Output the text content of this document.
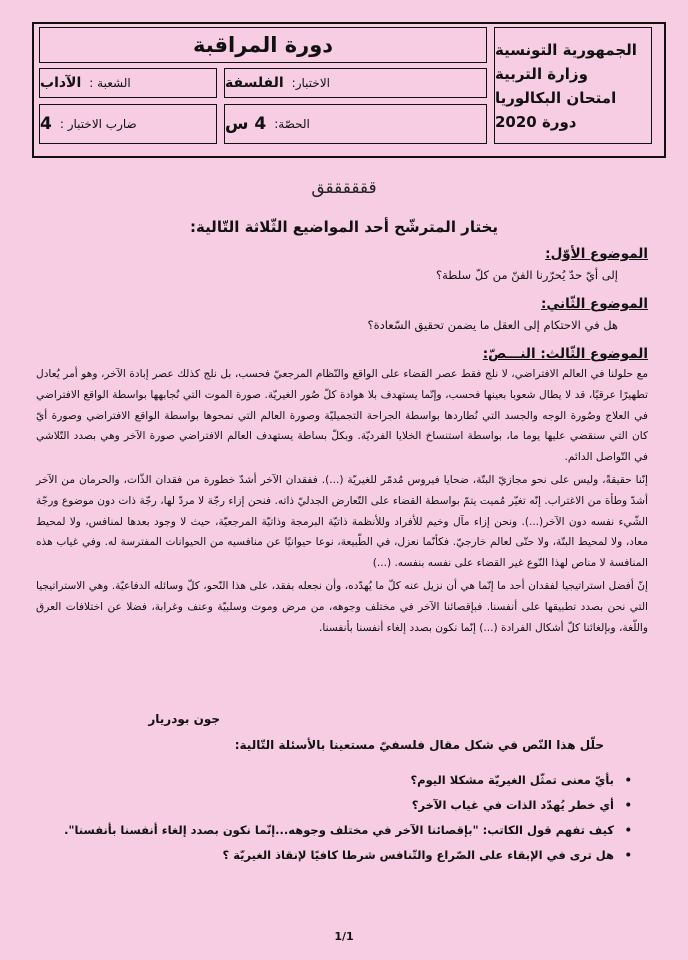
دورة المراقبة
الشعبة :
الآداب	الاختبار:
الفلسفة
ضارب الاختبار :
4	الحصّة:
4 س
الجمهورية التونسية
وزارة التربية
امتحان البكالوريا
دورة 2020
ققققققق
يختار المترشّح أحد المواضيع الثّلاثة التّالية:
الموضوع الأوّل:
إلى أيّ حدّ يُحرّرنا الفنّ من كلّ سلطة؟
الموضوع الثّاني:
هل في الاحتكام إلى العقل ما يضمن تحقيق السّعادة؟
الموضوع الثّالث: النـــصّ:
مع حلولنا في العالم الافتراضي، لا نلج فقط عصر القضاء على الواقع والنّظام المرجعيّ فحسب، بل نلج كذلك عصر إبادة الآخر، وهو أمر يُعادل تطهيرًا عرقيًا، قد لا يطال شعوبا بعينها فحسب، وإنّما يستهدف بلا هوادة كلّ صُور الغيريّة. صورة الموت التي نُجابهها بواسطة الواقع الافتراضي في العلاج وصُورة الوجه والجسد التي نُطاردها بواسطة الجراحة التجميليّة وصورة العالم التي نمحوها بواسطة الواقع الافتراضي وصورة أيّ كان التي سنقضي عليها يوما ما، بواسطة استنساخ الخلايا الفرديّة. وبكلّ بساطة يستهدف العالم الافتراضي صورة الآخر وهي بصدد التّلاشي في التّواصل الدائم.
إنّنا حقيقةً، وليس على نحو مجازيّ البتّة، ضحايا فيروس مُدمّر للغيريّة (...). ففقدان الآخر أشدّ خطورة من فقدان الذّات، والحرمان من الآخر أشدّ وطأة من الاغتراب. إنّه تغيّر مُميت يتمّ بواسطة القضاء على التّعارض الجدليّ ذاته. فنحن إزاء رجّة لا مردّ لها، رجّة ذات دون موضوع ورجّة الشّيء نفسه دون الآخر(...). ونحن إزاء مآل وخيم للأفراد وللأنظمة ذاتيّة البرمجة وذاتيّة المرجعيّة، حيث لا وجود بعدها لمنافس، ولا لمحيط معاد، ولا لمحيط البتّة، ولا حتّى لعالم خارجيّ. فكأنّما نعزل، في الطّبيعة، نوعا حيوانيًا عن منافسيه من الحيوانات المفترسة له. وفي غياب هذه المنافسة لا مناص لهذا النّوع غير القضاء على نفسه بنفسه. (...)
إنّ أفضل استراتيجيا لفقدان أحد ما إنّما هي أن نزيل عنه كلّ ما يُهدّده، وأن نجعله بفقد، على هذا النّحو، كلّ وسائله الدفاعيّة. وهي الاستراتيجيا التي نحن بصدد تطبيقها على أنفسنا. فبإقصائنا الآخر في مختلف وجوهه، من مرض وموت وسلبيّة وعنف وغرابة، فضلا عن اختلافات العرق واللّغة، وبإلغائنا كلّ أشكال الفرادة (...) إنّما نكون بصدد إلغاء أنفسنا بأنفسنا.
جون بودريار
حلّل هذا النّص في شكل مقال فلسفيّ مستعينا بالأسئلة التّالية:
• بأيّ معنى تمثّل الغيريّة مشكلا اليوم؟
• أي خطر يُهدّد الذات في غياب الآخر؟
• كيف تفهم قول الكاتب: "بإقصائنا الآخر في مختلف وجوهه...إنّما نكون بصدد إلغاء أنفسنا بأنفسنا".
• هل ترى في الإبقاء على الصّراع والتّنافس شرطا كافيًا لإنقاذ الغيريّة ؟
1/1
